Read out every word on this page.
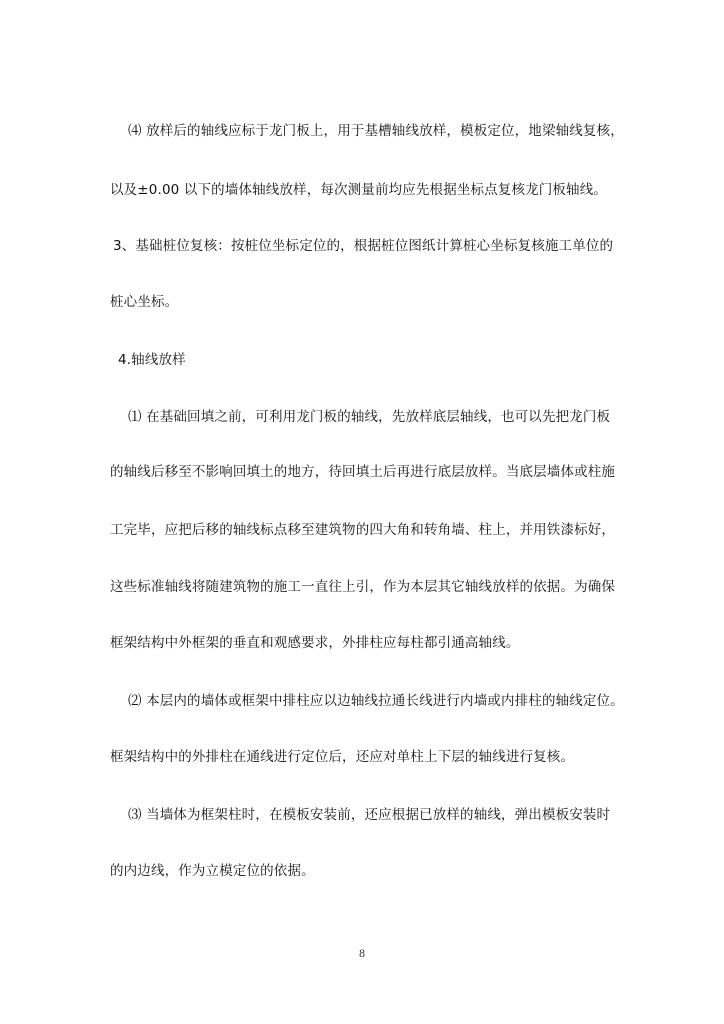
⑷ 放样后的轴线应标于龙门板上，用于基槽轴线放样，模板定位，地梁轴线复核，
以及±0.00 以下的墙体轴线放样，每次测量前均应先根据坐标点复核龙门板轴线。
3、基础桩位复核：按桩位坐标定位的，根据桩位图纸计算桩心坐标复核施工单位的
桩心坐标。
4.轴线放样
⑴ 在基础回填之前，可利用龙门板的轴线，先放样底层轴线，也可以先把龙门板
的轴线后移至不影响回填土的地方，待回填土后再进行底层放样。当底层墙体或柱施
工完毕，应把后移的轴线标点移至建筑物的四大角和转角墙、柱上，并用铁漆标好，
这些标准轴线将随建筑物的施工一直往上引，作为本层其它轴线放样的依据。为确保
框架结构中外框架的垂直和观感要求，外排柱应每柱都引通高轴线。
⑵ 本层内的墙体或框架中排柱应以边轴线拉通长线进行内墙或内排柱的轴线定位。
框架结构中的外排柱在通线进行定位后，还应对单柱上下层的轴线进行复核。
⑶ 当墙体为框架柱时，在模板安装前，还应根据已放样的轴线，弹出模板安装时
的内边线，作为立模定位的依据。
8
